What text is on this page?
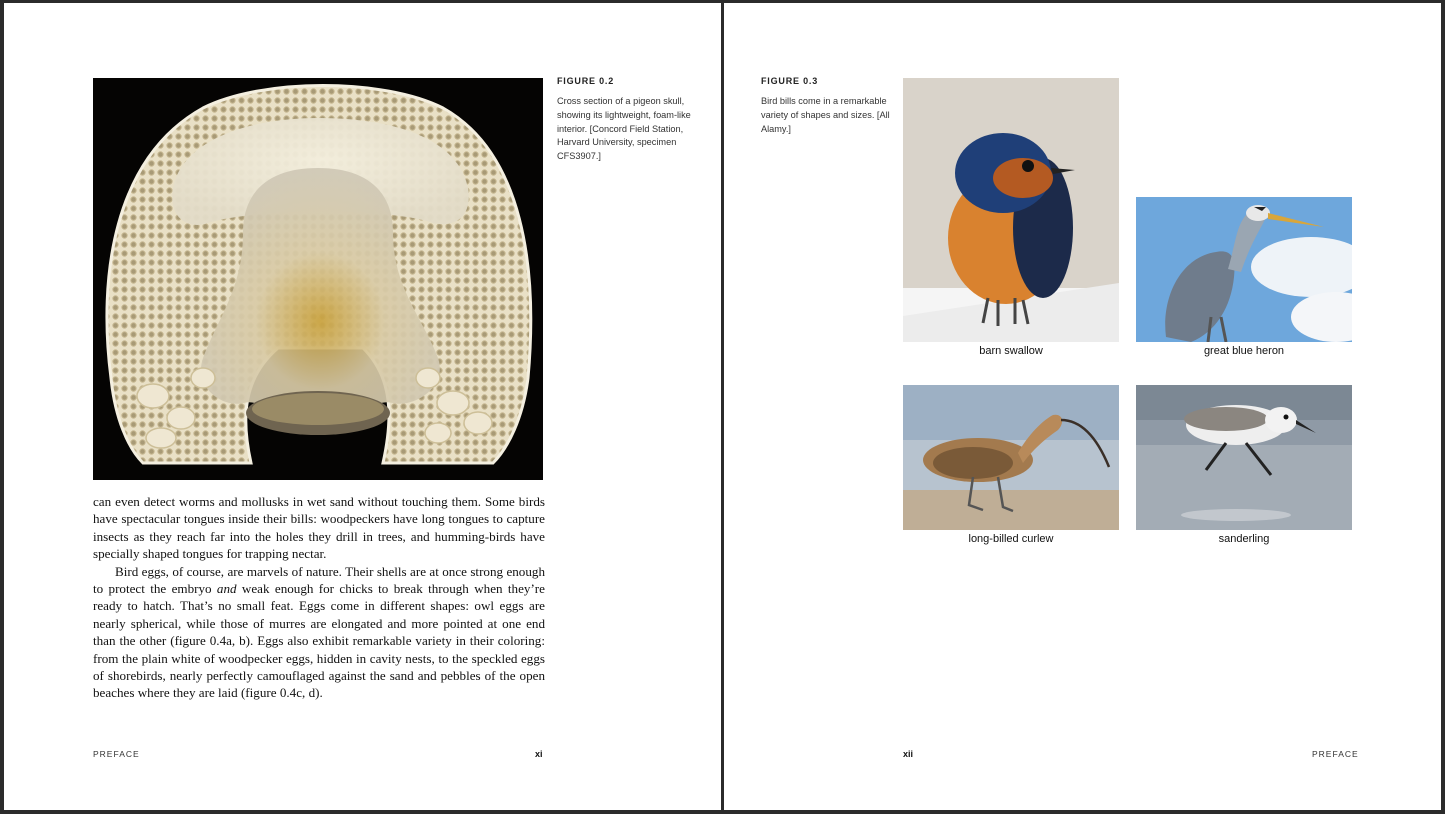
FIGURE 0.2
Cross section of a pigeon skull, showing its lightweight, foam-like interior. [Concord Field Station, Harvard University, specimen CFS3907.]

can even detect worms and mollusks in wet sand without touching them. Some birds have spectacular tongues inside their bills: woodpeckers have long tongues to capture insects as they reach far into the holes they drill in trees, and humming-birds have specially shaped tongues for trapping nectar.

Bird eggs, of course, are marvels of nature. Their shells are at once strong enough to protect the embryo and weak enough for chicks to break through when they’re ready to hatch. That’s no small feat. Eggs come in different shapes: owl eggs are nearly spherical, while those of murres are elongated and more pointed at one end than the other (figure 0.4a, b). Eggs also exhibit remarkable variety in their coloring: from the plain white of woodpecker eggs, hidden in cavity nests, to the speckled eggs of shorebirds, nearly perfectly camouflaged against the sand and pebbles of the open beaches where they are laid (figure 0.4c, d).

PREFACE	xi
FIGURE 0.3
Bird bills come in a remarkable variety of shapes and sizes. [All Alamy.]
barn swallow	great blue heron
long-billed curlew	sanderling
xii	PREFACE
